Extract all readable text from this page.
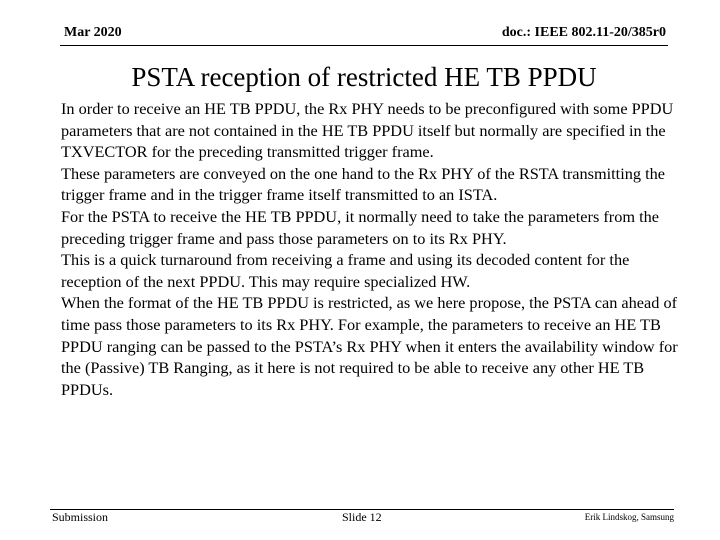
Mar 2020	doc.: IEEE 802.11-20/385r0
PSTA reception of restricted HE TB PPDU

In order to receive an HE TB PPDU, the Rx PHY needs to be preconfigured with some PPDU parameters that are not contained in the HE TB PPDU itself but normally are specified in the TXVECTOR for the preceding transmitted trigger frame.

These parameters are conveyed on the one hand to the Rx PHY of the RSTA transmitting the trigger frame and in the trigger frame itself transmitted to an ISTA.

For the PSTA to receive the HE TB PPDU, it normally need to take the parameters from the preceding trigger frame and pass those parameters on to its Rx PHY.

This is a quick turnaround from receiving a frame and using its decoded content for the reception of the next PPDU. This may require specialized HW.

When the format of the HE TB PPDU is restricted, as we here propose, the PSTA can ahead of time pass those parameters to its Rx PHY. For example, the parameters to receive an HE TB PPDU ranging can be passed to the PSTA’s Rx PHY when it enters the availability window for the (Passive) TB Ranging, as it here is not required to be able to receive any other HE TB PPDUs.

Submission	Slide 12	Erik Lindskog, Samsung
